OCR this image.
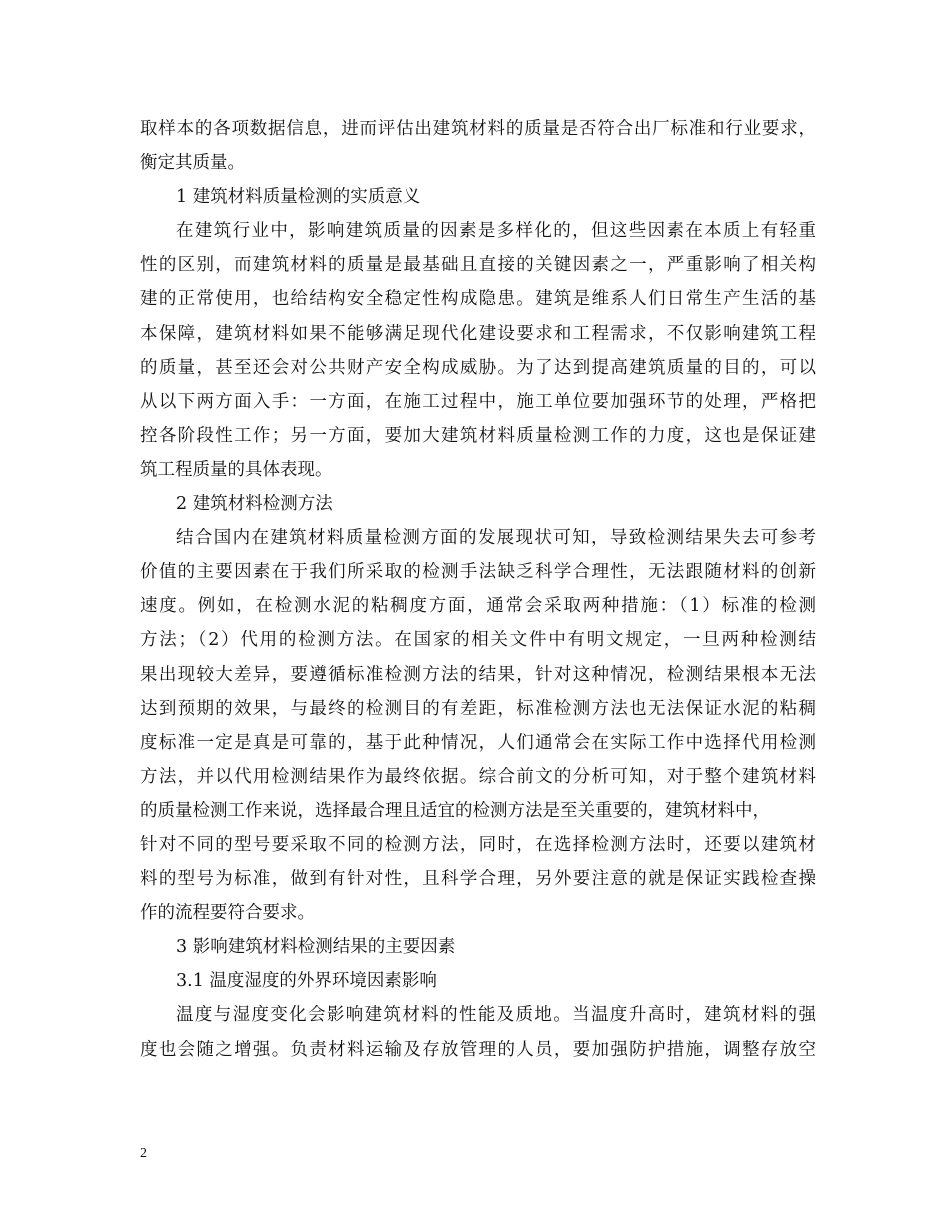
取样本的各项数据信息，进而评估出建筑材料的质量是否符合出厂标准和行业要求，
衡定其质量。
1 建筑材料质量检测的实质意义
在建筑行业中，影响建筑质量的因素是多样化的，但这些因素在本质上有轻重
性的区别，而建筑材料的质量是最基础且直接的关键因素之一，严重影响了相关构
建的正常使用，也给结构安全稳定性构成隐患。建筑是维系人们日常生产生活的基
本保障，建筑材料如果不能够满足现代化建设要求和工程需求，不仅影响建筑工程
的质量，甚至还会对公共财产安全构成威胁。为了达到提高建筑质量的目的，可以
从以下两方面入手：一方面，在施工过程中，施工单位要加强环节的处理，严格把
控各阶段性工作；另一方面，要加大建筑材料质量检测工作的力度，这也是保证建
筑工程质量的具体表现。
2 建筑材料检测方法
结合国内在建筑材料质量检测方面的发展现状可知，导致检测结果失去可参考
价值的主要因素在于我们所采取的检测手法缺乏科学合理性，无法跟随材料的创新
速度。例如，在检测水泥的粘稠度方面，通常会采取两种措施：（1）标准的检测
方法；（2）代用的检测方法。在国家的相关文件中有明文规定，一旦两种检测结
果出现较大差异，要遵循标准检测方法的结果，针对这种情况，检测结果根本无法
达到预期的效果，与最终的检测目的有差距，标准检测方法也无法保证水泥的粘稠
度标准一定是真是可靠的，基于此种情况，人们通常会在实际工作中选择代用检测
方法，并以代用检测结果作为最终依据。综合前文的分析可知，对于整个建筑材料
的质量检测工作来说，选择最合理且适宜的检测方法是至关重要的，建筑材料中，
针对不同的型号要采取不同的检测方法，同时，在选择检测方法时，还要以建筑材
料的型号为标准，做到有针对性，且科学合理，另外要注意的就是保证实践检查操
作的流程要符合要求。
3 影响建筑材料检测结果的主要因素
3.1 温度湿度的外界环境因素影响
温度与湿度变化会影响建筑材料的性能及质地。当温度升高时，建筑材料的强
度也会随之增强。负责材料运输及存放管理的人员，要加强防护措施，调整存放空
2
